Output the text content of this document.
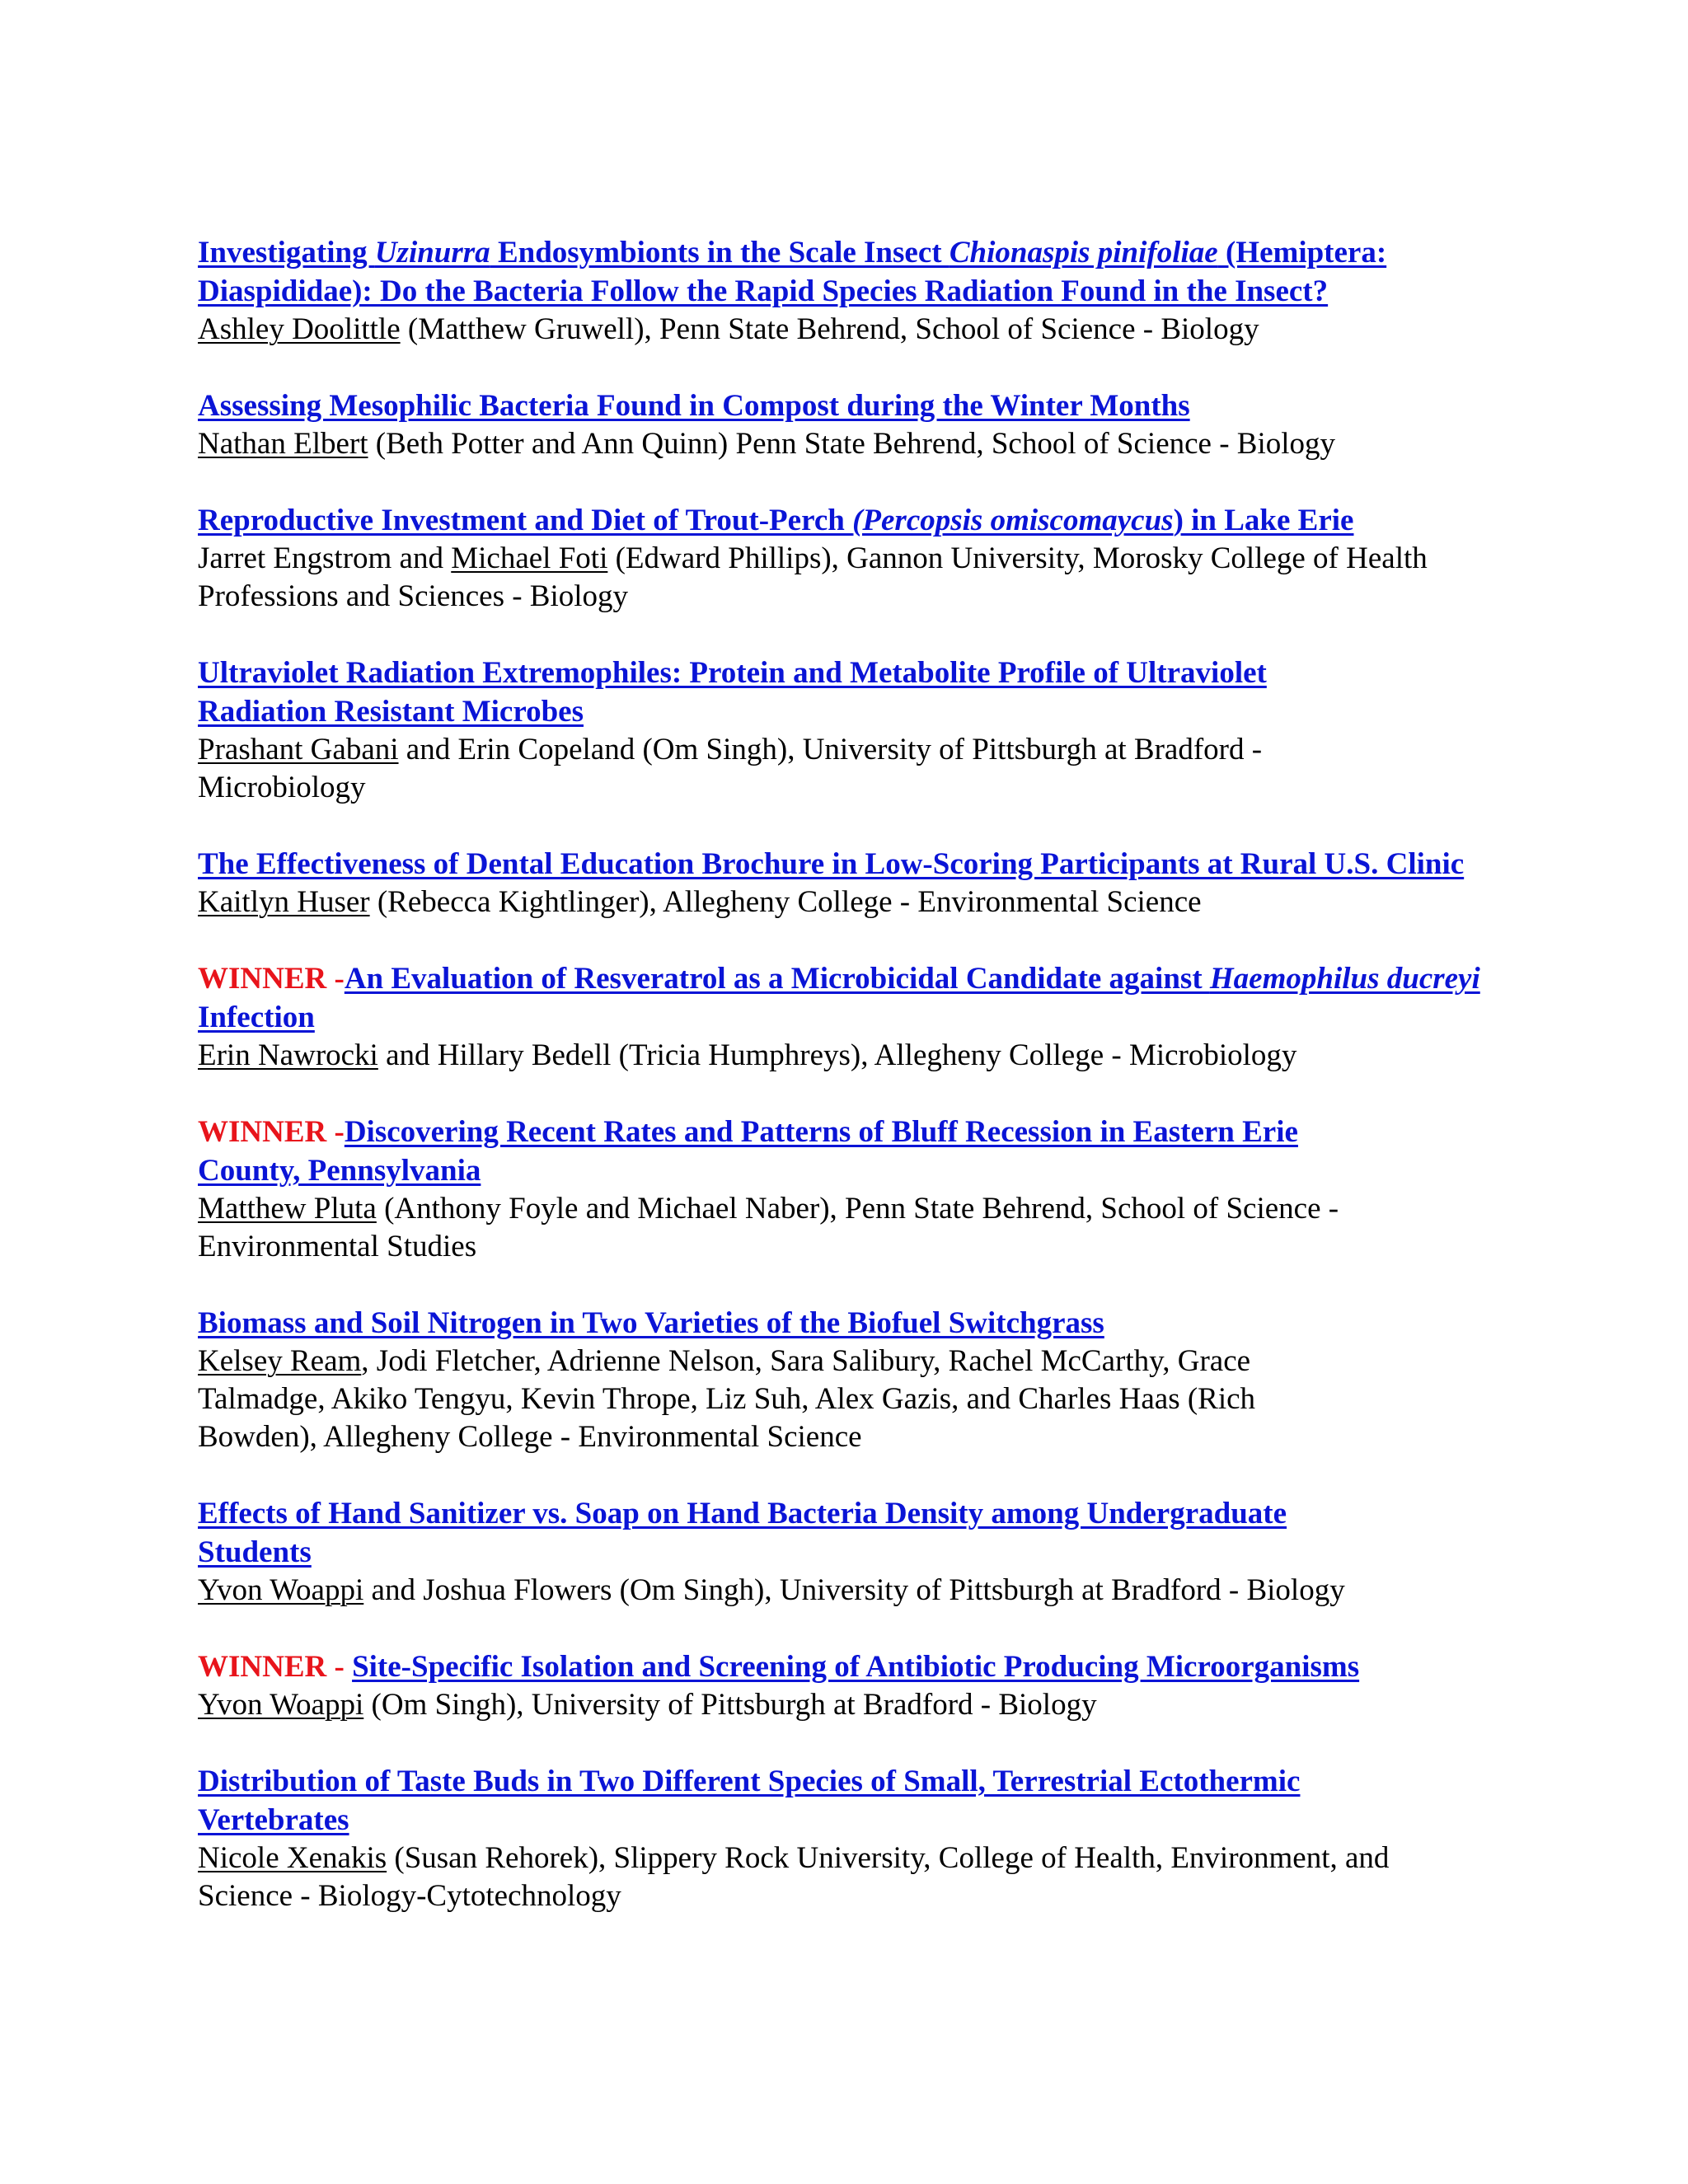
Investigating Uzinurra Endosymbionts in the Scale Insect Chionaspis pinifoliae (Hemiptera: Diaspididae): Do the Bacteria Follow the Rapid Species Radiation Found in the Insect?

Ashley Doolittle (Matthew Gruwell), Penn State Behrend, School of Science - Biology

Assessing Mesophilic Bacteria Found in Compost during the Winter Months

Nathan Elbert (Beth Potter and Ann Quinn) Penn State Behrend, School of Science - Biology

Reproductive Investment and Diet of Trout-Perch (Percopsis omiscomaycus) in Lake Erie

Jarret Engstrom and Michael Foti (Edward Phillips), Gannon University, Morosky College of Health Professions and Sciences - Biology

Ultraviolet Radiation Extremophiles: Protein and Metabolite Profile of Ultraviolet Radiation Resistant Microbes

Prashant Gabani and Erin Copeland (Om Singh), University of Pittsburgh at Bradford - Microbiology

The Effectiveness of Dental Education Brochure in Low-Scoring Participants at Rural U.S. Clinic

Kaitlyn Huser (Rebecca Kightlinger), Allegheny College - Environmental Science

WINNER -An Evaluation of Resveratrol as a Microbicidal Candidate against Haemophilus ducreyi Infection

Erin Nawrocki and Hillary Bedell (Tricia Humphreys), Allegheny College - Microbiology

WINNER -Discovering Recent Rates and Patterns of Bluff Recession in Eastern Erie County, Pennsylvania

Matthew Pluta (Anthony Foyle and Michael Naber), Penn State Behrend, School of Science - Environmental Studies

Biomass and Soil Nitrogen in Two Varieties of the Biofuel Switchgrass

Kelsey Ream, Jodi Fletcher, Adrienne Nelson, Sara Salibury, Rachel McCarthy, Grace Talmadge, Akiko Tengyu, Kevin Thrope, Liz Suh, Alex Gazis, and Charles Haas (Rich Bowden), Allegheny College - Environmental Science

Effects of Hand Sanitizer vs. Soap on Hand Bacteria Density among Undergraduate Students

Yvon Woappi and Joshua Flowers (Om Singh), University of Pittsburgh at Bradford - Biology

WINNER - Site-Specific Isolation and Screening of Antibiotic Producing Microorganisms

Yvon Woappi (Om Singh), University of Pittsburgh at Bradford - Biology

Distribution of Taste Buds in Two Different Species of Small, Terrestrial Ectothermic Vertebrates

Nicole Xenakis (Susan Rehorek), Slippery Rock University, College of Health, Environment, and Science - Biology-Cytotechnology
